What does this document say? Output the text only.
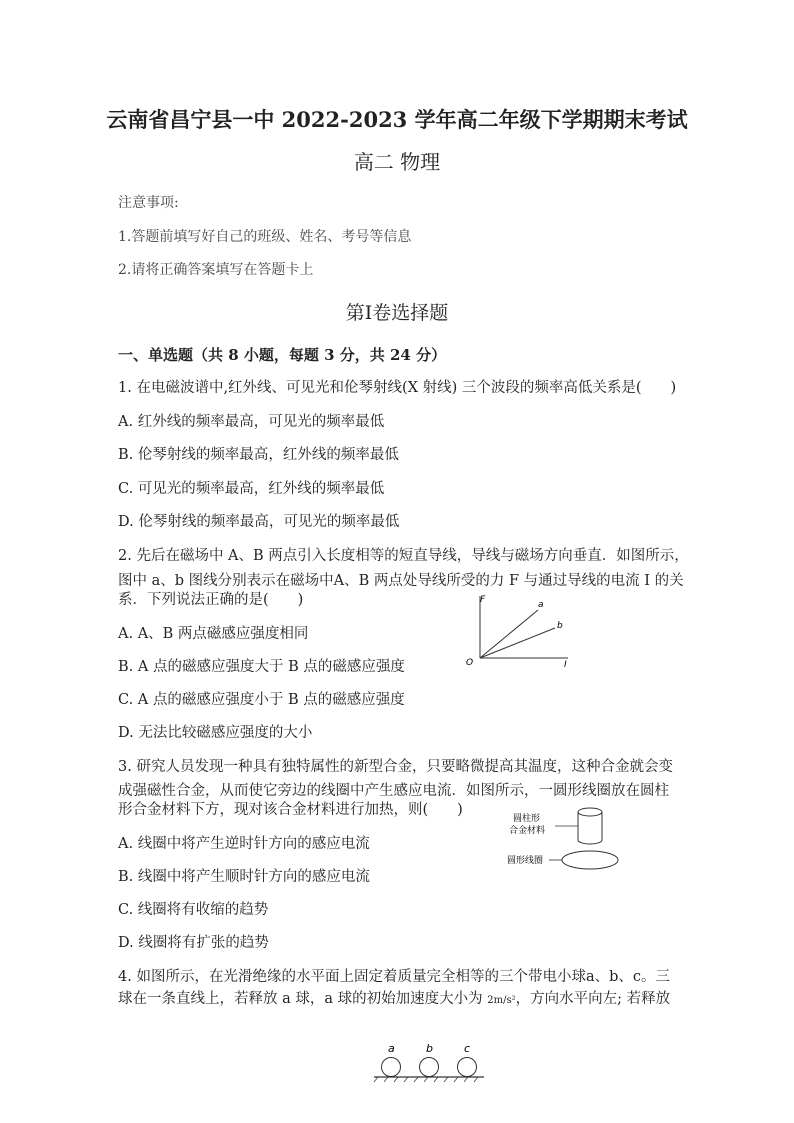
云南省昌宁县一中 2022-2023 学年高二年级下学期期末考试
高二 物理
注意事项:
1.答题前填写好自己的班级、姓名、考号等信息
2.请将正确答案填写在答题卡上
第Ⅰ卷选择题
一、单选题（共 8 小题，每题 3 分，共 24 分）
1. 在电磁波谱中,红外线、可见光和伦琴射线(X 射线) 三个波段的频率高低关系是(　　)
A. 红外线的频率最高，可见光的频率最低
B. 伦琴射线的频率最高，红外线的频率最低
C. 可见光的频率最高，红外线的频率最低
D. 伦琴射线的频率最高，可见光的频率最低
2. 先后在磁场中 A、B 两点引入长度相等的短直导线，导线与磁场方向垂直．如图所示，
图中 a、b 图线分别表示在磁场中A、B 两点处导线所受的力 F 与通过导线的电流 I 的关
系．下列说法正确的是(　　)
A. A、B 两点磁感应强度相同
B. A 点的磁感应强度大于 B 点的磁感应强度
C. A 点的磁感应强度小于 B 点的磁感应强度
D. 无法比较磁感应强度的大小
F
I
O
a
b
3. 研究人员发现一种具有独特属性的新型合金，只要略微提高其温度，这种合金就会变
成强磁性合金，从而使它旁边的线圈中产生感应电流．如图所示，一圆形线圈放在圆柱
形合金材料下方，现对该合金材料进行加热，则(　　)
A. 线圈中将产生逆时针方向的感应电流
B. 线圈中将产生顺时针方向的感应电流
C. 线圈将有收缩的趋势
D. 线圈将有扩张的趋势
圆柱形
合金材料
圆形线圈
4. 如图所示，在光滑绝缘的水平面上固定着质量完全相等的三个带电小球a、b、c。三
球在一条直线上，若释放 a 球，a 球的初始加速度大小为 2m/s²，方向水平向左; 若释放
a	b	c
